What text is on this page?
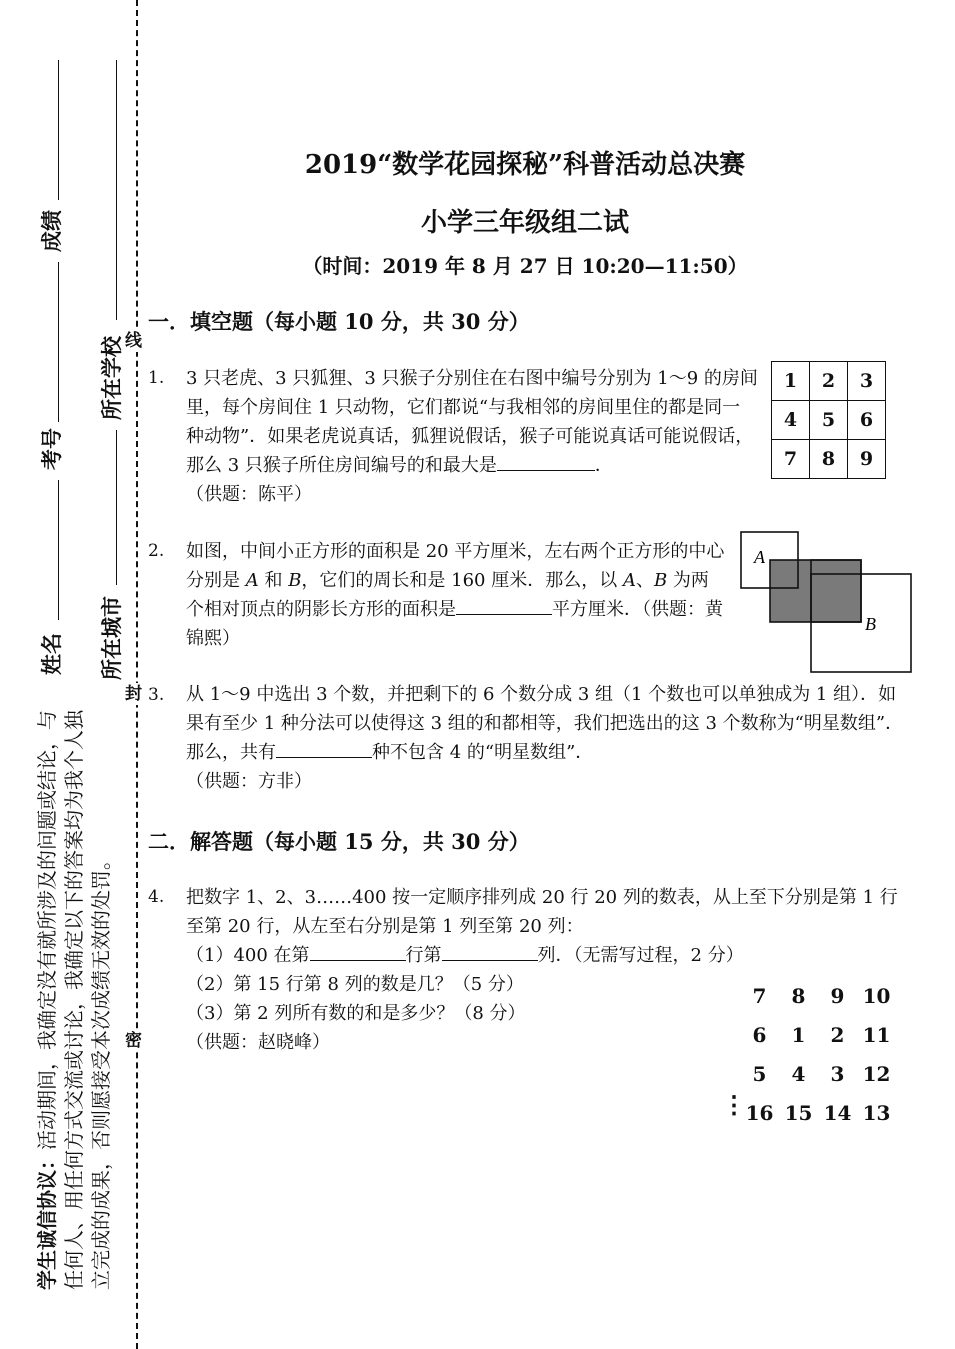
成绩
考号
姓名
所在学校
所在城市
学生诚信协议：活动期间，我确定没有就所涉及的问题或结论，与任何人、用任何方式交流或讨论，我确定以下的答案均为我个人独立完成的成果，否则愿接受本次成绩无效的处罚。
线
封
密
2019“数学花园探秘”科普活动总决赛
小学三年级组二试
（时间：2019 年 8 月 27 日 10:20—11:50）
一．填空题（每小题 10 分，共 30 分）
1. 3 只老虎、3 只狐狸、3 只猴子分别住在右图中编号分别为 1～9 的房间里，每个房间住 1 只动物，它们都说“与我相邻的房间里住的都是同一种动物”．如果老虎说真话，狐狸说假话，猴子可能说真话可能说假话，那么 3 只猴子所住房间编号的和最大是	．
（供题：陈平）
1	2	3
4	5	6
7	8	9
2. 如图，中间小正方形的面积是 20 平方厘米，左右两个正方形的中心分别是 A 和 B，它们的周长和是 160 厘米．那么，以 A、B 为两个相对顶点的阴影长方形的面积是	平方厘米．（供题：黄锦熙）
A
B
3. 从 1～9 中选出 3 个数，并把剩下的 6 个数分成 3 组（1 个数也可以单独成为 1 组）．如果有至少 1 种分法可以使得这 3 组的和都相等，我们把选出的这 3 个数称为“明星数组”．那么，共有	种不包含 4 的“明星数组”．
（供题：方非）
二．解答题（每小题 15 分，共 30 分）
4. 把数字 1、2、3……400 按一定顺序排列成 20 行 20 列的数表，从上至下分别是第 1 行至第 20 行，从左至右分别是第 1 列至第 20 列：
（1）400 在第	行第	列．（无需写过程，2 分）
（2）第 15 行第 8 列的数是几？（5 分）
（3）第 2 列所有数的和是多少？（8 分）
（供题：赵晓峰）
7	8	9	10
6	1	2	11
5	4	3	12
16	15	14	13
⋮
